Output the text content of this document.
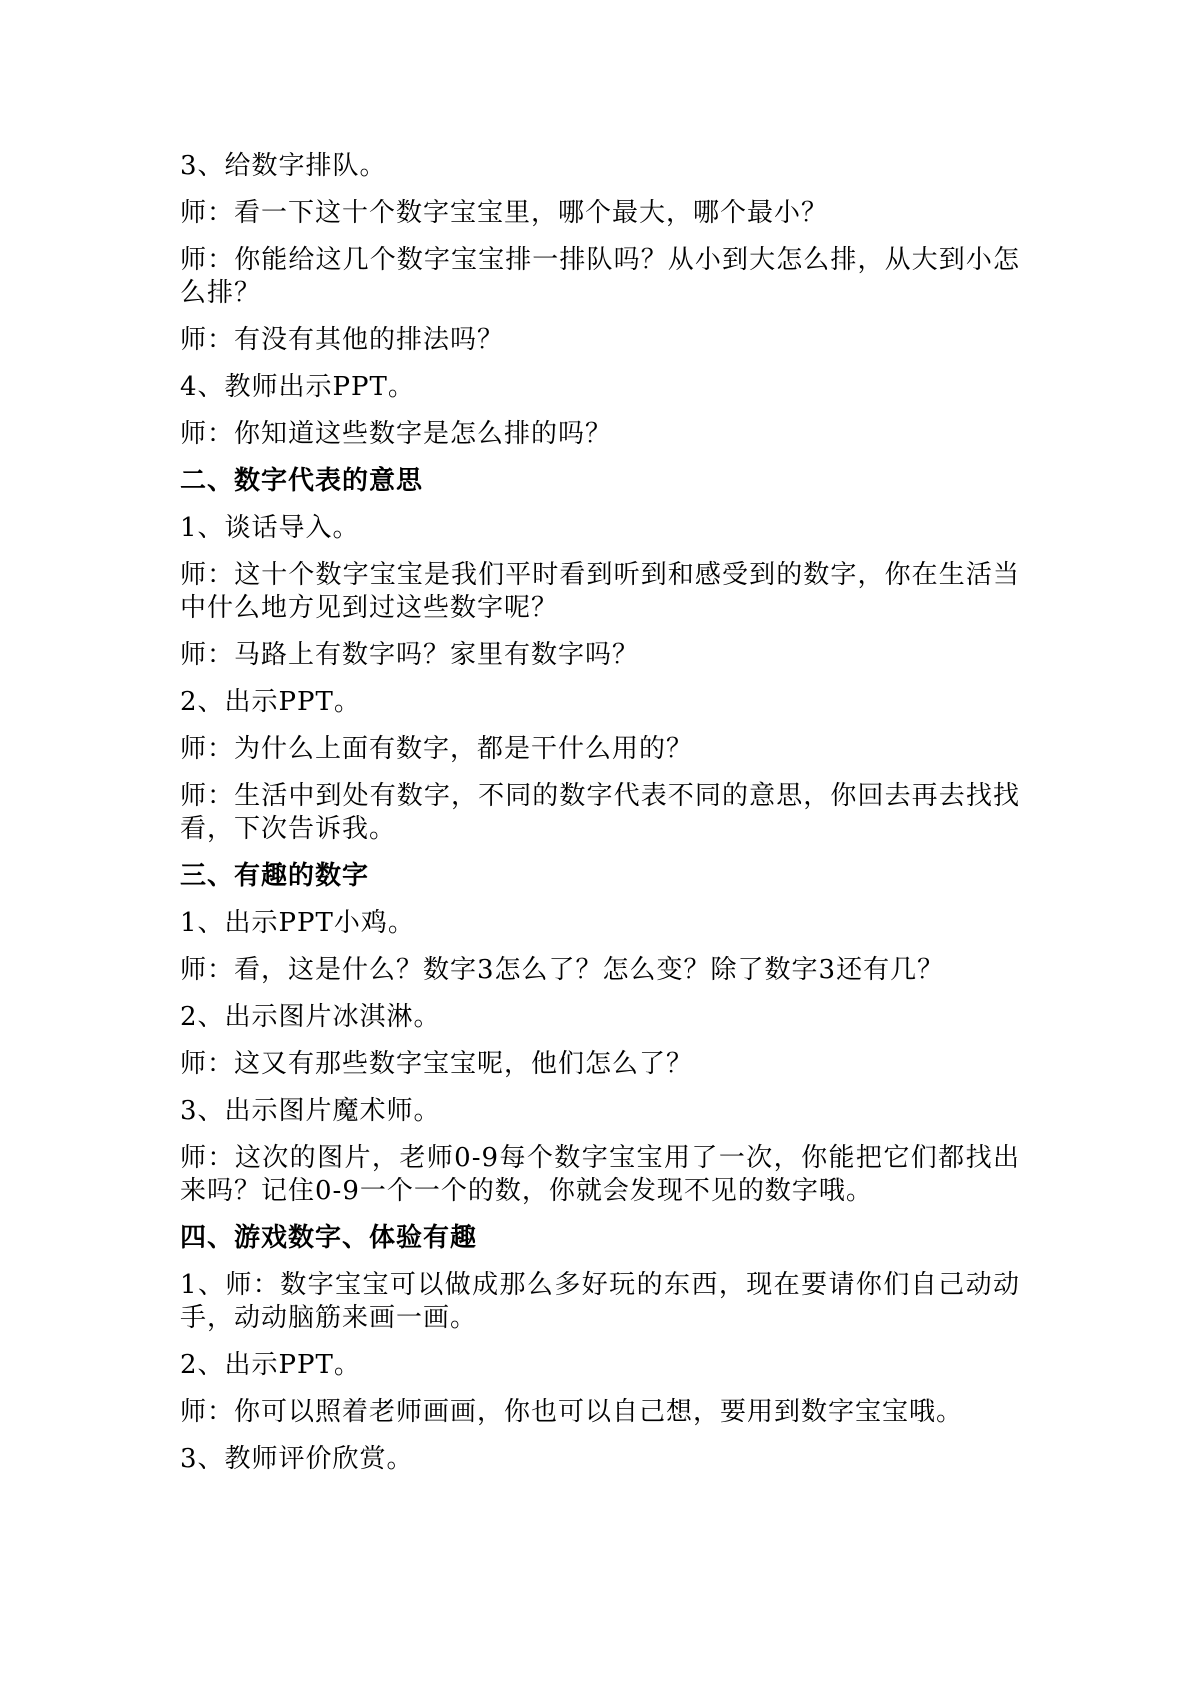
3、给数字排队。

师：看一下这十个数字宝宝里，哪个最大，哪个最小？

师：你能给这几个数字宝宝排一排队吗？从小到大怎么排，从大到小怎么排？

师：有没有其他的排法吗？

4、教师出示PPT。

师：你知道这些数字是怎么排的吗？

二、数字代表的意思

1、谈话导入。

师：这十个数字宝宝是我们平时看到听到和感受到的数字，你在生活当中什么地方见到过这些数字呢？

师：马路上有数字吗？家里有数字吗？

2、出示PPT。

师：为什么上面有数字，都是干什么用的？

师：生活中到处有数字，不同的数字代表不同的意思，你回去再去找找看，下次告诉我。

三、有趣的数字

1、出示PPT小鸡。

师：看，这是什么？数字3怎么了？怎么变？除了数字3还有几？

2、出示图片冰淇淋。

师：这又有那些数字宝宝呢，他们怎么了？

3、出示图片魔术师。

师：这次的图片，老师0-9每个数字宝宝用了一次，你能把它们都找出来吗？记住0-9一个一个的数，你就会发现不见的数字哦。

四、游戏数字、体验有趣

1、师：数字宝宝可以做成那么多好玩的东西，现在要请你们自己动动手，动动脑筋来画一画。

2、出示PPT。

师：你可以照着老师画画，你也可以自己想，要用到数字宝宝哦。

3、教师评价欣赏。
